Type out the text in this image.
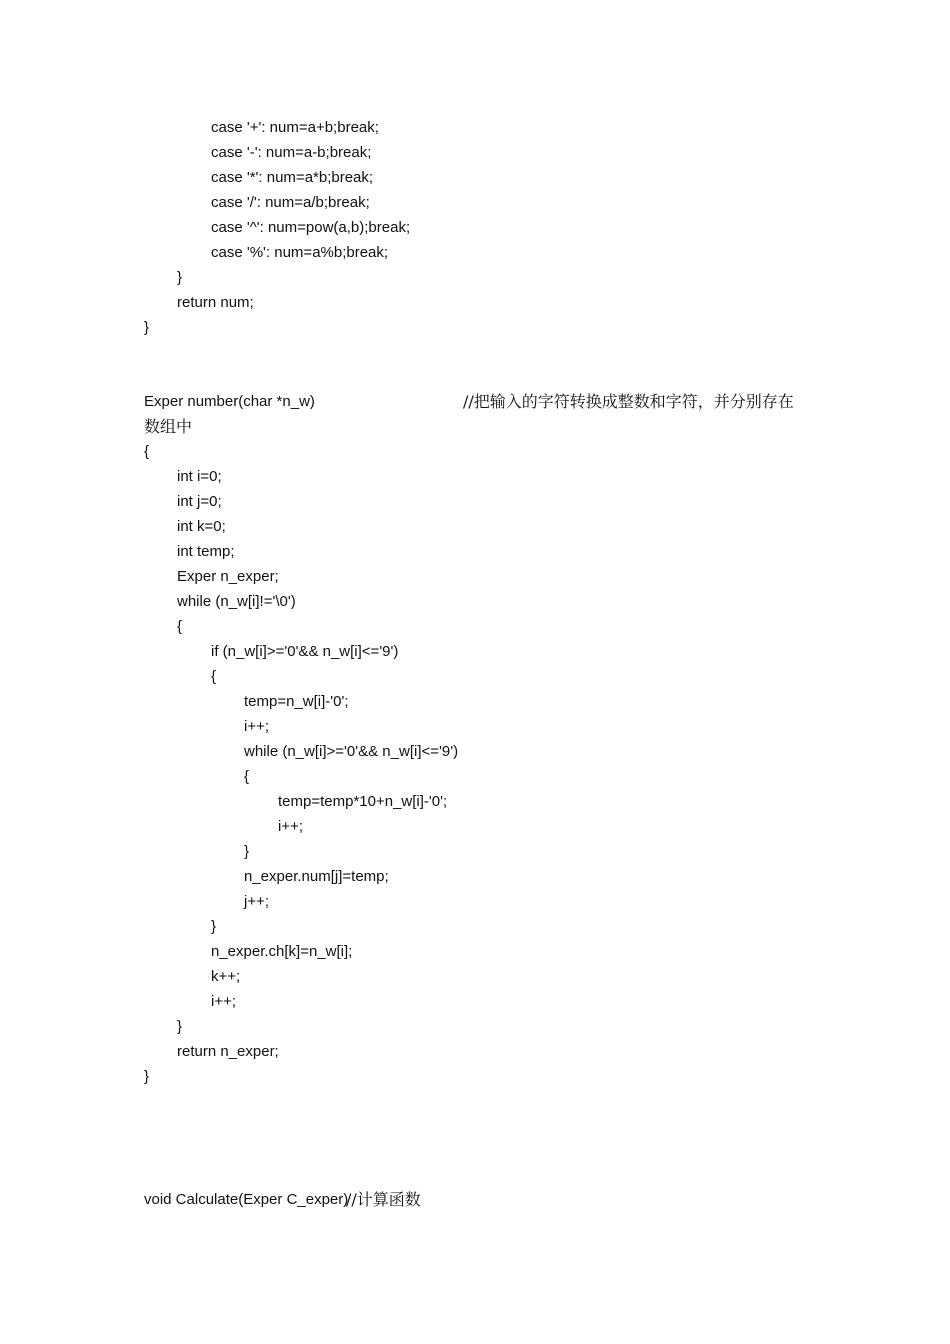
case '+': num=a+b;break;
case '-': num=a-b;break;
case '*': num=a*b;break;
case '/': num=a/b;break;
case '^': num=pow(a,b);break;
case '%': num=a%b;break;
}
return num;
}
Exper number(char *n_w)	//把输入的字符转换成整数和字符，并分别存在
数组中
{
int i=0;
int j=0;
int k=0;
int temp;
Exper n_exper;
while (n_w[i]!='\0')
{
if (n_w[i]>='0'&& n_w[i]<='9')
{
temp=n_w[i]-'0';
i++;
while (n_w[i]>='0'&& n_w[i]<='9')
{
temp=temp*10+n_w[i]-'0';
i++;
}
n_exper.num[j]=temp;
j++;
}
n_exper.ch[k]=n_w[i];
k++;
i++;
}
return n_exper;
}
void Calculate(Exper C_exper)
//计算函数
